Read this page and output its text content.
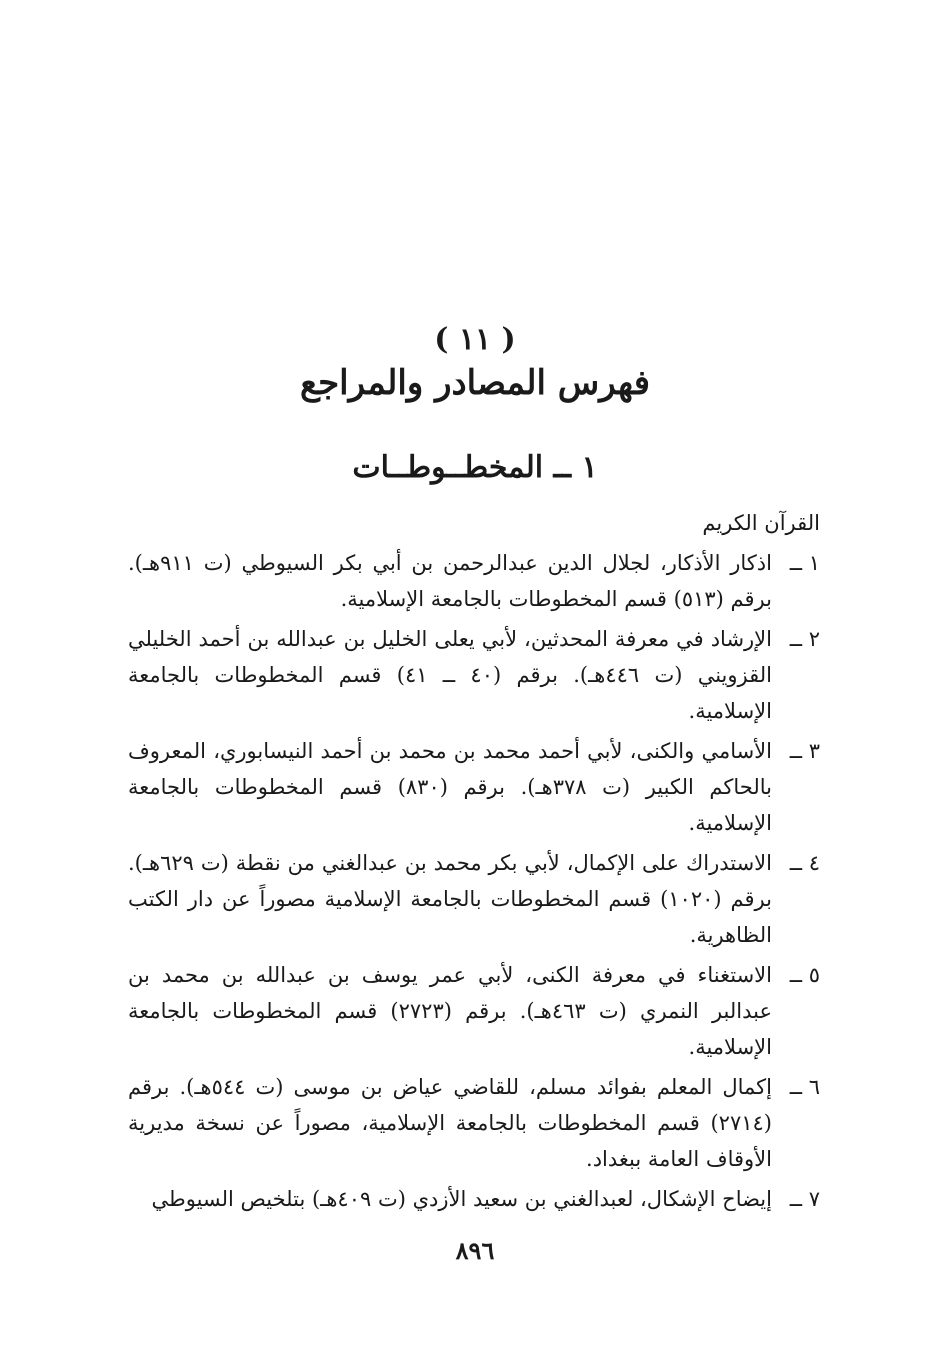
( ١١ )
فهرس المصادر والمراجع
١ ــ المخطــوطــات
القرآن الكريم
١ ــ
اذكار الأذكار، لجلال الدين عبدالرحمن بن أبي بكر السيوطي (ت ٩١١هـ). برقم (٥١٣) قسم المخطوطات بالجامعة الإسلامية.
٢ ــ
الإرشاد في معرفة المحدثين، لأبي يعلى الخليل بن عبدالله بن أحمد الخليلي القزويني (ت ٤٤٦هـ). برقم (٤٠ ــ ٤١) قسم المخطوطات بالجامعة الإسلامية.
٣ ــ
الأسامي والكنى، لأبي أحمد محمد بن محمد بن أحمد النيسابوري، المعروف بالحاكم الكبير (ت ٣٧٨هـ). برقم (٨٣٠) قسم المخطوطات بالجامعة الإسلامية.
٤ ــ
الاستدراك على الإكمال، لأبي بكر محمد بن عبدالغني من نقطة (ت ٦٢٩هـ). برقم (١٠٢٠) قسم المخطوطات بالجامعة الإسلامية مصوراً عن دار الكتب الظاهرية.
٥ ــ
الاستغناء في معرفة الكنى، لأبي عمر يوسف بن عبدالله بن محمد بن عبدالبر النمري (ت ٤٦٣هـ). برقم (٢٧٢٣) قسم المخطوطات بالجامعة الإسلامية.
٦ ــ
إكمال المعلم بفوائد مسلم، للقاضي عياض بن موسى (ت ٥٤٤هـ). برقم (٢٧١٤) قسم المخطوطات بالجامعة الإسلامية، مصوراً عن نسخة مديرية الأوقاف العامة ببغداد.
٧ ــ
إيضاح الإشكال، لعبدالغني بن سعيد الأزدي (ت ٤٠٩هـ) بتلخيص السيوطي
٨٩٦
